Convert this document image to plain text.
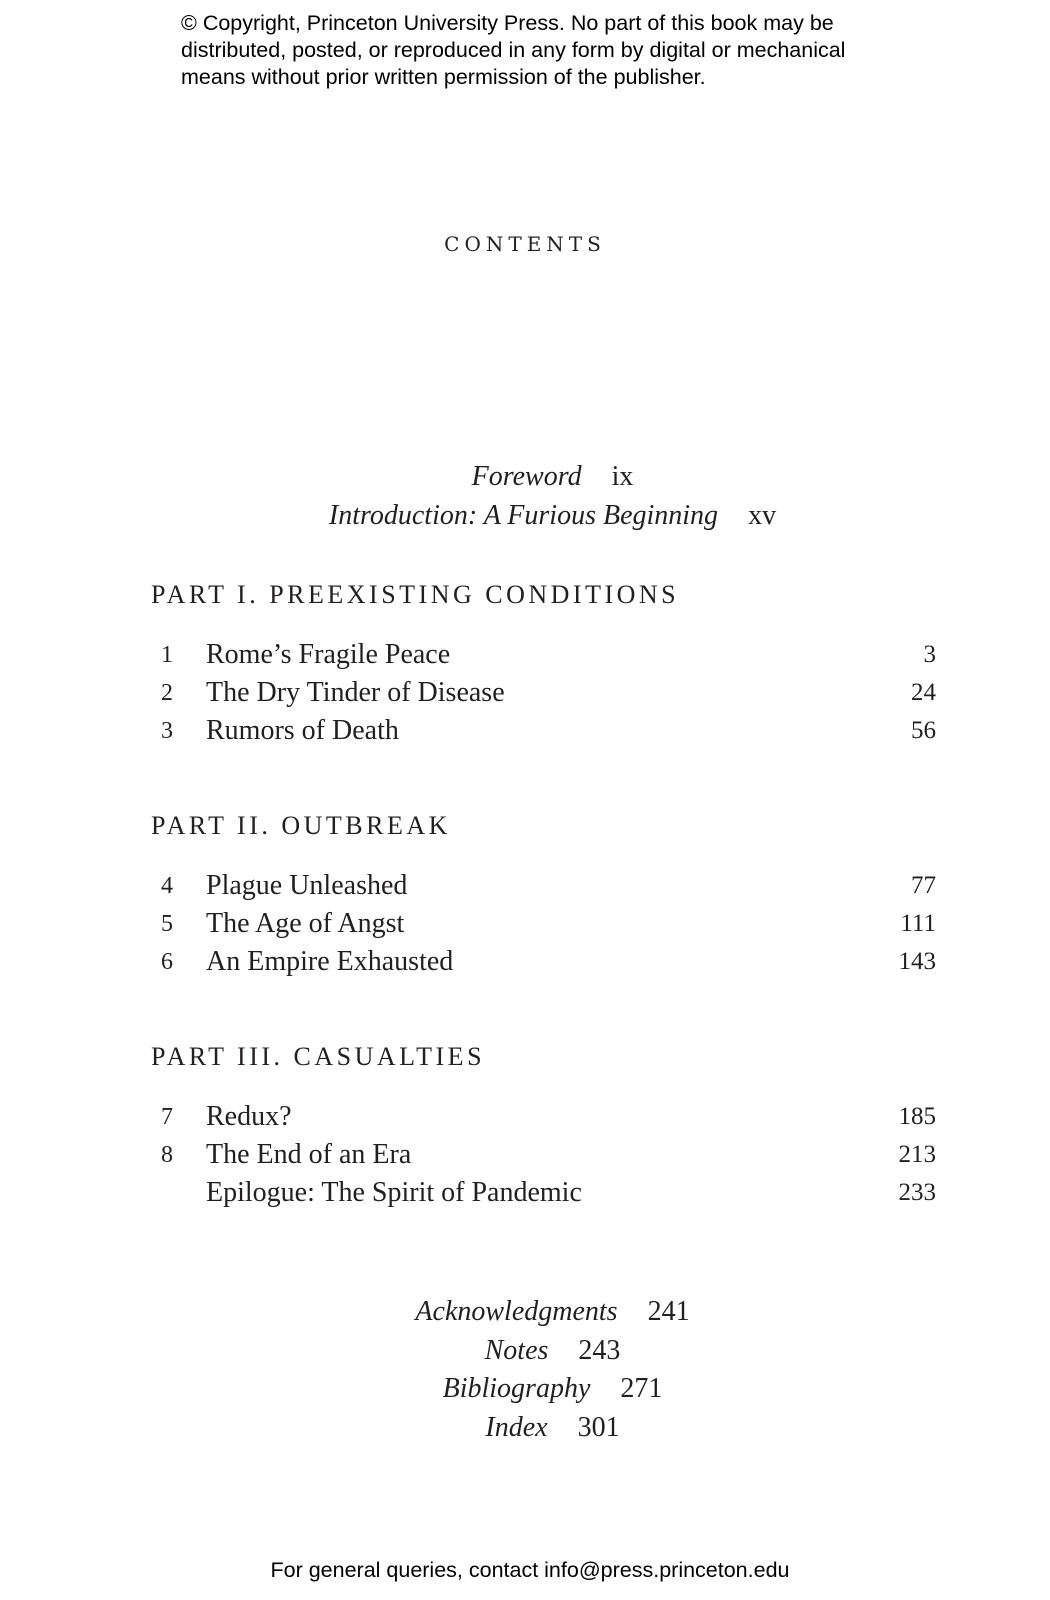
© Copyright, Princeton University Press. No part of this book may be
distributed, posted, or reproduced in any form by digital or mechanical
means without prior written permission of the publisher.
contents
Foreword ix
Introduction: A Furious Beginning xv
PART I. PREEXISTING CONDITIONS
1	Rome’s Fragile Peace	3
2	The Dry Tinder of Disease	24
3	Rumors of Death	56
PART II. OUTBREAK
4	Plague Unleashed	77
5	The Age of Angst	111
6	An Empire Exhausted	143
PART III. CASUALTIES
7	Redux?	185
8	The End of an Era	213
Epilogue: The Spirit of Pandemic	233
Acknowledgments 241
Notes 243
Bibliography 271
Index 301
For general queries, contact info@press.princeton.edu
